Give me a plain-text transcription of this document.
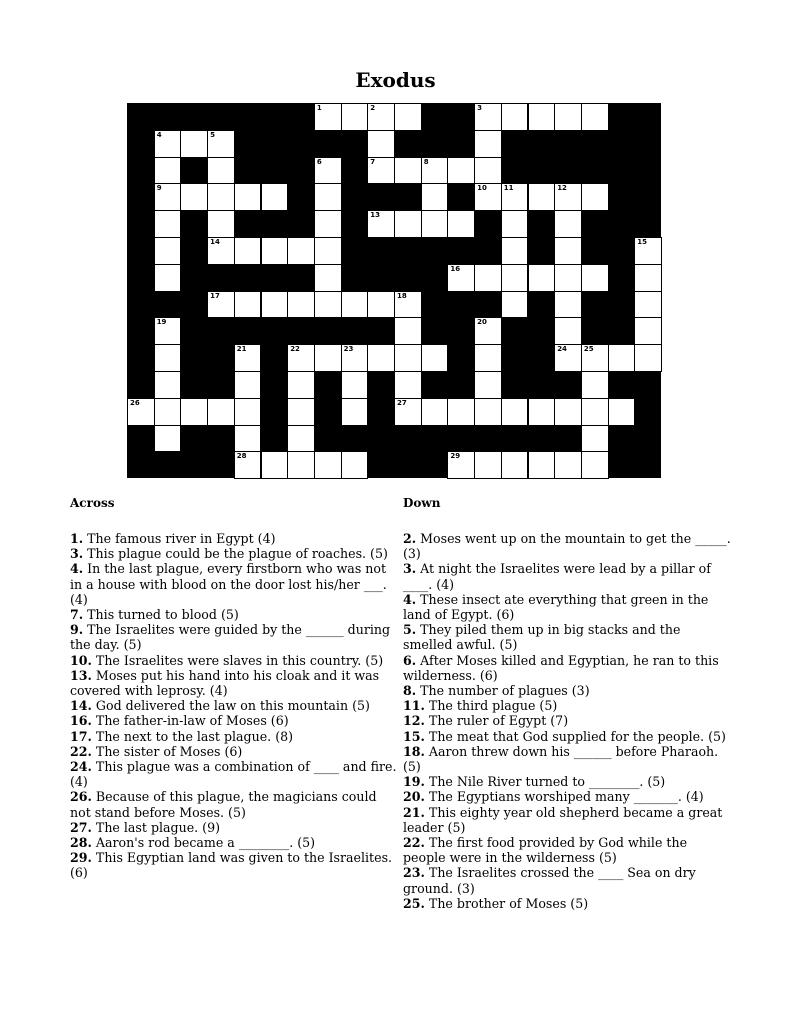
Exodus
1	2	3
4	5
6	7	8
9	10 11	12
13
14	15
16
17	18
19	20
21	22	23	24 25
26	27
28	29
Across

1. The famous river in Egypt (4)

3. This plague could be the plague of roaches. (5)

4. In the last plague, every firstborn who was not in a house with blood on the door lost his/her ___. (4)

7. This turned to blood (5)

9. The Israelites were guided by the ______ during the day. (5)

10. The Israelites were slaves in this country. (5)

13. Moses put his hand into his cloak and it was covered with leprosy. (4)

14. God delivered the law on this mountain (5)

16. The father-in-law of Moses (6)

17. The next to the last plague. (8)

22. The sister of Moses (6)

24. This plague was a combination of ____ and fire. (4)

26. Because of this plague, the magicians could not stand before Moses. (5)

27. The last plague. (9)

28. Aaron's rod became a ________. (5)

29. This Egyptian land was given to the Israelites. (6)

Down

2. Moses went up on the mountain to get the _____. (3)

3. At night the Israelites were lead by a pillar of ____. (4)

4. These insect ate everything that green in the land of Egypt. (6)

5. They piled them up in big stacks and the smelled awful. (5)

6. After Moses killed and Egyptian, he ran to this wilderness. (6)

8. The number of plagues (3)

11. The third plague (5)

12. The ruler of Egypt (7)

15. The meat that God supplied for the people. (5)

18. Aaron threw down his ______ before Pharaoh. (5)

19. The Nile River turned to ________. (5)

20. The Egyptians worshiped many _______. (4)

21. This eighty year old shepherd became a great leader (5)

22. The first food provided by God while the people were in the wilderness (5)

23. The Israelites crossed the ____ Sea on dry ground. (3)

25. The brother of Moses (5)
